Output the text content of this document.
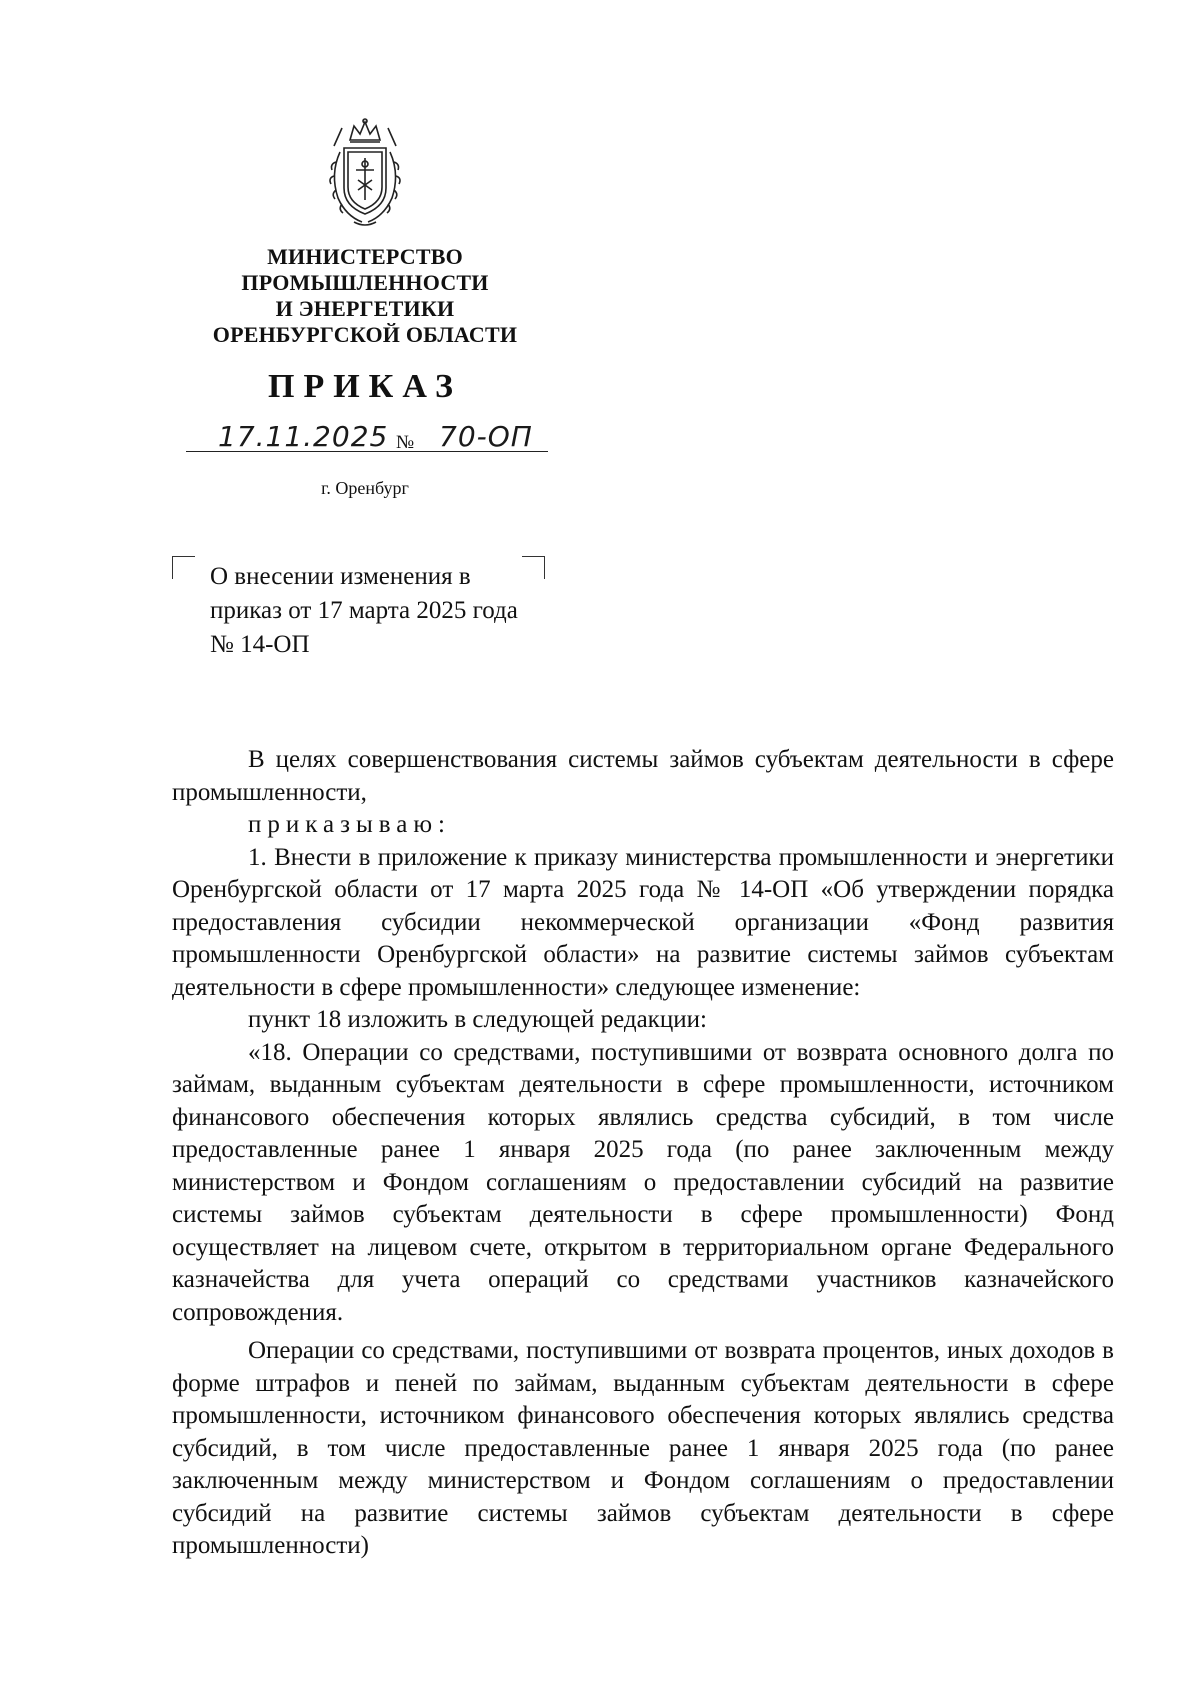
МИНИСТЕРСТВО
ПРОМЫШЛЕННОСТИ
И ЭНЕРГЕТИКИ
ОРЕНБУРГСКОЙ ОБЛАСТИ
ПРИКАЗ
17.11.2025 № 70-ОП
г. Оренбург
О внесении изменения в
приказ от 17 марта 2025 года
№ 14-ОП

В целях совершенствования системы займов субъектам деятельности в сфере промышленности,

приказываю:

1. Внести в приложение к приказу министерства промышленности и энергетики Оренбургской области от 17 марта 2025 года № 14-ОП «Об утверждении порядка предоставления субсидии некоммерческой организации «Фонд развития промышленности Оренбургской области» на развитие системы займов субъектам деятельности в сфере промышленности» следующее изменение:

пункт 18 изложить в следующей редакции:

«18. Операции со средствами, поступившими от возврата основного долга по займам, выданным субъектам деятельности в сфере промышленности, источником финансового обеспечения которых являлись средства субсидий, в том числе предоставленные ранее 1 января 2025 года (по ранее заключенным между министерством и Фондом соглашениям о предоставлении субсидий на развитие системы займов субъектам деятельности в сфере промышленности) Фонд осуществляет на лицевом счете, открытом в территориальном органе Федерального казначейства для учета операций со средствами участников казначейского сопровождения.

Операции со средствами, поступившими от возврата процентов, иных доходов в форме штрафов и пеней по займам, выданным субъектам деятельности в сфере промышленности, источником финансового обеспечения которых являлись средства субсидий, в том числе предоставленные ранее 1 января 2025 года (по ранее заключенным между министерством и Фондом соглашениям о предоставлении субсидий на развитие системы займов субъектам деятельности в сфере промышленности)
